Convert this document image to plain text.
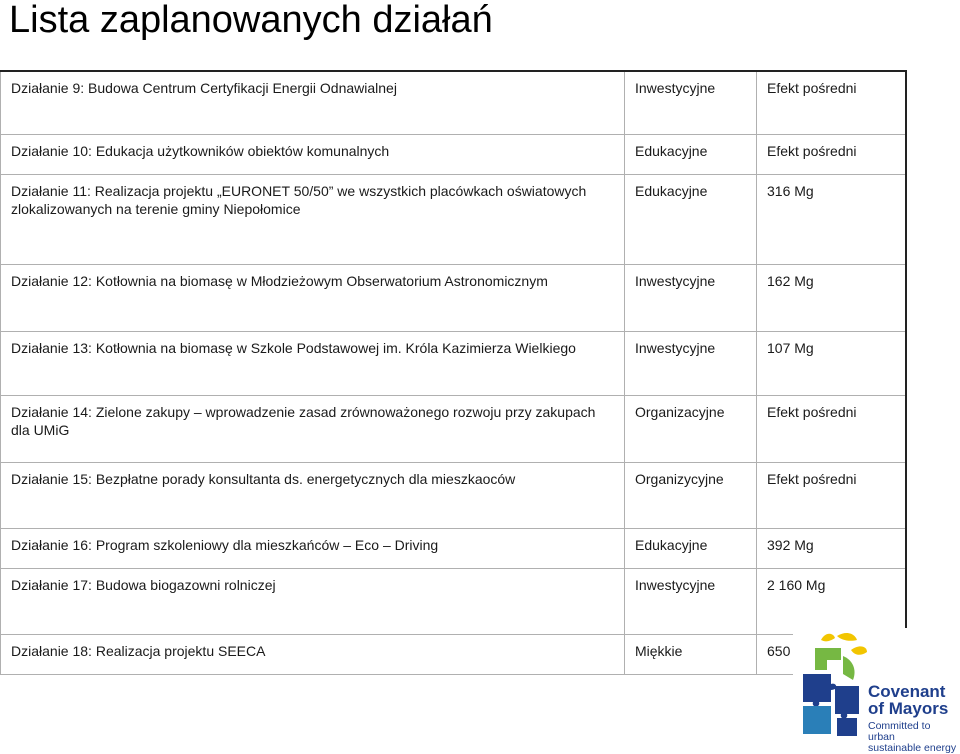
Lista zaplanowanych działań
Działanie 9: Budowa Centrum Certyfikacji Energii Odnawialnej	Inwestycyjne	Efekt pośredni

Działanie 10: Edukacja użytkowników obiektów komunalnych	Edukacyjne	Efekt pośredni

Działanie 11: Realizacja projektu „EURONET 50/50” we wszystkich placówkach oświatowych zlokalizowanych na terenie gminy Niepołomice	Edukacyjne	316 Mg

Działanie 12: Kotłownia na biomasę w Młodzieżowym Obserwatorium Astronomicznym	Inwestycyjne	162 Mg

Działanie 13: Kotłownia na biomasę w Szkole Podstawowej im. Króla Kazimierza Wielkiego	Inwestycyjne	107 Mg

Działanie 14: Zielone zakupy – wprowadzenie zasad zrównoważonego rozwoju przy zakupach dla UMiG	Organizacyjne	Efekt pośredni

Działanie 15: Bezpłatne porady konsultanta ds. energetycznych dla mieszkaoców	Organizycyjne	Efekt pośredni

Działanie 16: Program szkoleniowy dla mieszkańców – Eco – Driving	Edukacyjne	392 Mg

Działanie 17: Budowa biogazowni rolniczej	Inwestycyjne	2 160 Mg

Działanie 18: Realizacja projektu SEECA	Miękkie	650
Covenant
of Mayors
Committed to urban
sustainable energy
